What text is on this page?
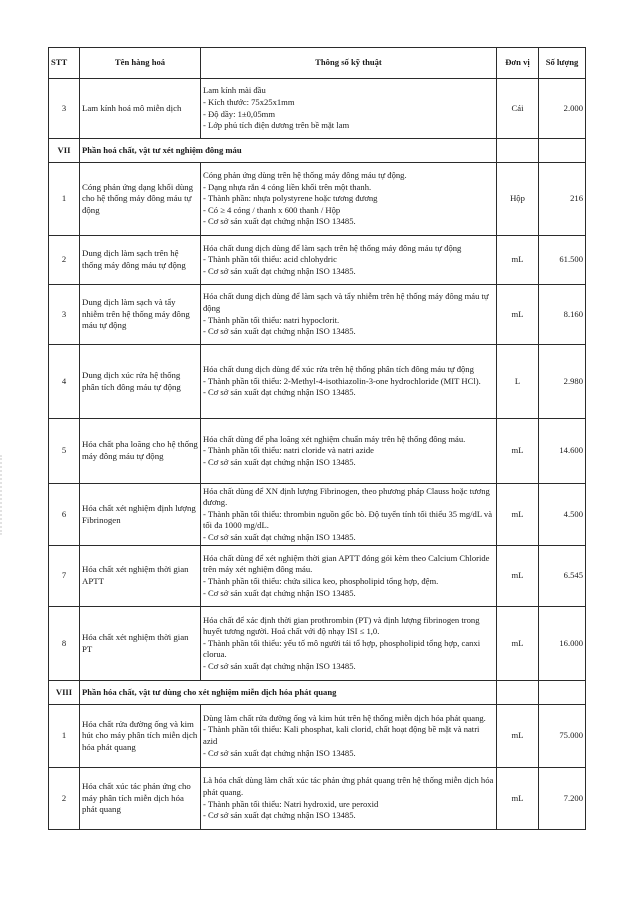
STT	Tên hàng hoá	Thông số kỹ thuật	Đơn vị	Số lượng
3	Lam kính hoá mô miễn dịch	Lam kính mài đầu
- Kích thước: 75x25x1mm
- Độ dầy: 1±0,05mm
- Lớp phủ tích điện dương trên bề mặt lam	Cái	2.000
VII	Phần hoá chất, vật tư xét nghiệm đông máu			
1	Cóng phản ứng dạng khối dùng cho hệ thống máy đông máu tự động	Cóng phản ứng dùng trên hệ thống máy đông máu tự động.
- Dạng nhựa rắn 4 cóng liền khối trên một thanh.
- Thành phần: nhựa polystyrene hoặc tương đương
- Có ≥ 4 cóng / thanh x 600 thanh / Hộp
- Cơ sở sản xuất đạt chứng nhận ISO 13485.	Hộp	216
2	Dung dịch làm sạch trên hệ thống máy đông máu tự động	Hóa chất dung dịch dùng để làm sạch trên hệ thống máy đông máu tự động
- Thành phần tối thiểu: acid chlohydric
- Cơ sở sản xuất đạt chứng nhận ISO 13485.	mL	61.500
3	Dung dịch làm sạch và tẩy nhiễm trên hệ thống máy đông máu tự động	Hóa chất dung dịch dùng để làm sạch và tẩy nhiễm trên hệ thống máy đông máu tự động
- Thành phần tối thiểu: natri hypoclorit.
- Cơ sở sản xuất đạt chứng nhận ISO 13485.	mL	8.160
4	Dung dịch xúc rửa hệ thống phân tích đông máu tự động	Hóa chất dung dịch dùng để xúc rửa trên hệ thống phân tích đông máu tự động
- Thành phần tối thiểu: 2-Methyl-4-isothiazolin-3-one hydrochloride (MIT HCl).
- Cơ sở sản xuất đạt chứng nhận ISO 13485.	L	2.980
5	Hóa chất pha loãng cho hệ thống máy đông máu tự động	Hóa chất dùng để pha loãng xét nghiệm chuẩn máy trên hệ thống đông máu.
- Thành phần tối thiểu: natri cloride và natri azide
- Cơ sở sản xuất đạt chứng nhận ISO 13485.	mL	14.600
6	Hóa chất xét nghiệm định lượng Fibrinogen	Hóa chất dùng để XN định lượng Fibrinogen, theo phương pháp Clauss hoặc tương đương.
- Thành phần tối thiểu: thrombin nguồn gốc bò. Độ tuyến tính tối thiểu 35 mg/dL và tối đa 1000 mg/dL.
- Cơ sở sản xuất đạt chứng nhận ISO 13485.	mL	4.500
7	Hóa chất xét nghiệm thời gian APTT	Hóa chất dùng để xét nghiệm thời gian APTT đóng gói kèm theo Calcium Chloride trên máy xét nghiệm đông máu.
- Thành phần tối thiểu: chứa silica keo, phospholipid tổng hợp, đệm.
- Cơ sở sản xuất đạt chứng nhận ISO 13485.	mL	6.545
8	Hóa chất xét nghiệm thời gian PT	Hóa chất để xác định thời gian prothrombin (PT) và định lượng fibrinogen trong huyết tương người. Hoá chất với độ nhạy ISI ≤ 1,0.
- Thành phần tối thiểu: yếu tố mô người tái tổ hợp, phospholipid tổng hợp, canxi clorua.
- Cơ sở sản xuất đạt chứng nhận ISO 13485.	mL	16.000
VIII	Phần hóa chất, vật tư dùng cho xét nghiệm miễn dịch hóa phát quang			
1	Hóa chất rửa đường ống và kim hút cho máy phân tích miễn dịch hóa phát quang	Dùng làm chất rửa đường ống và kim hút trên hệ thống miễn dịch hóa phát quang.
- Thành phần tối thiểu: Kali phosphat, kali clorid, chất hoạt động bề mặt và natri azid
- Cơ sở sản xuất đạt chứng nhận ISO 13485.	mL	75.000
2	Hóa chất xúc tác phản ứng cho máy phân tích miễn dịch hóa phát quang	Là hóa chất dùng làm chất xúc tác phản ứng phát quang trên hệ thống miễn dịch hóa phát quang.
- Thành phần tối thiểu: Natri hydroxid, ure peroxid
- Cơ sở sản xuất đạt chứng nhận ISO 13485.	mL	7.200
